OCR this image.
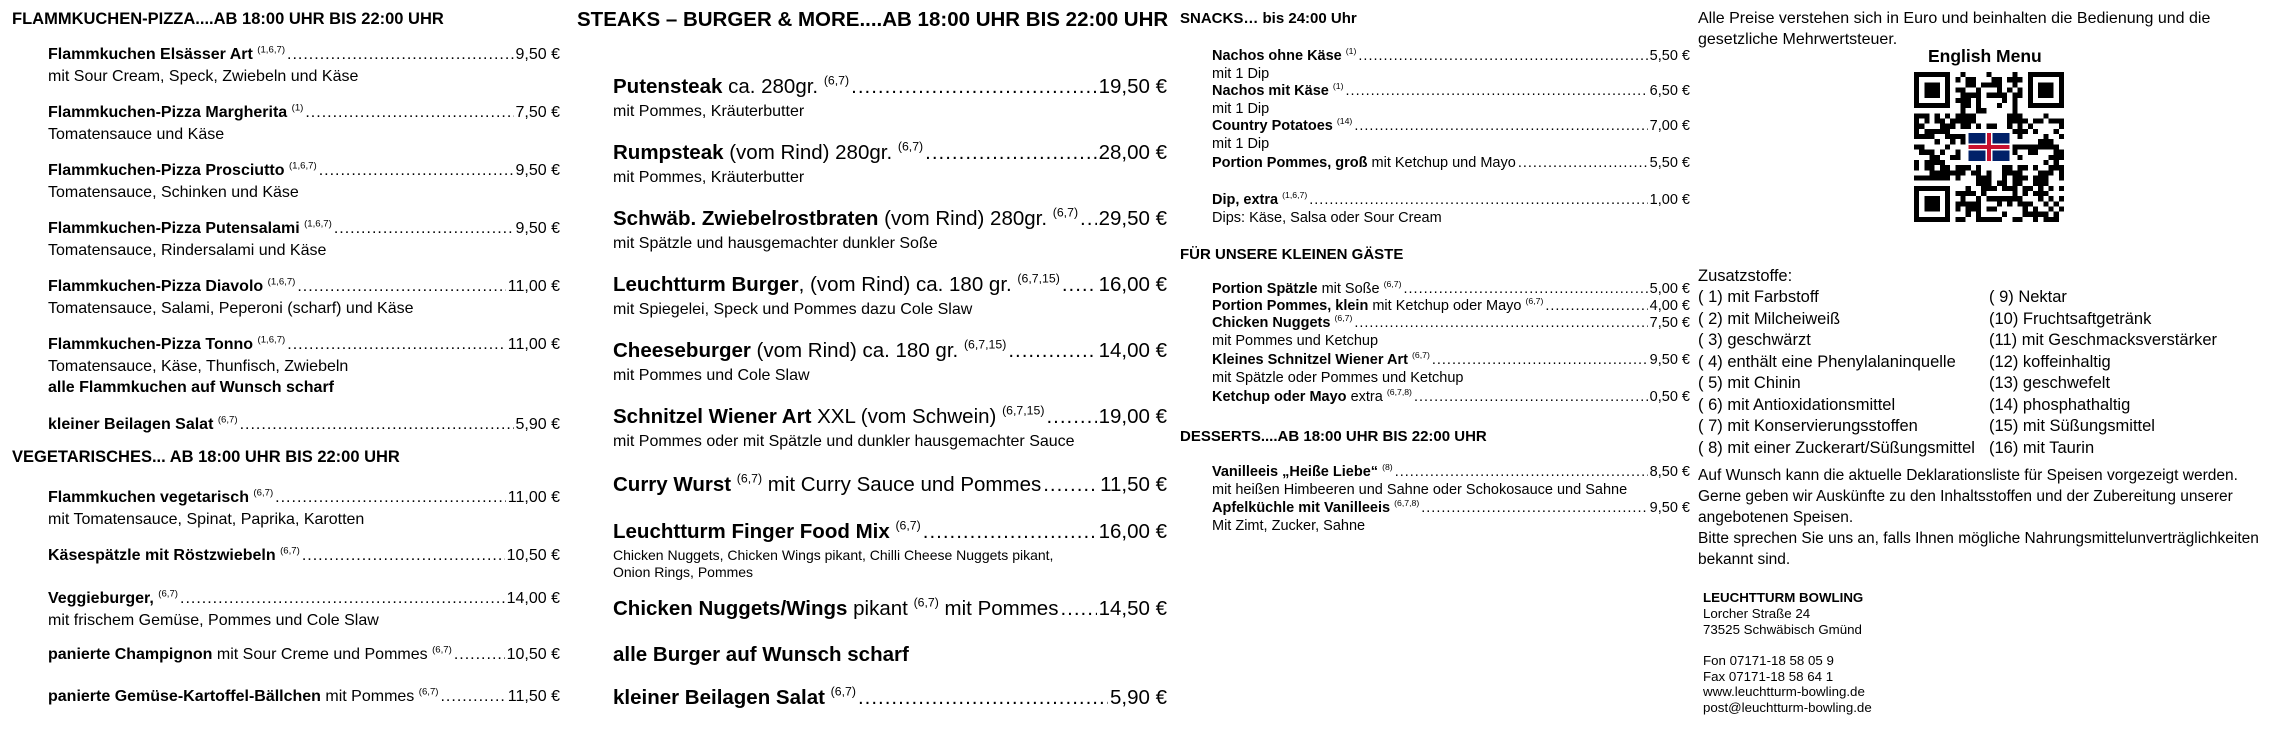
FLAMMKUCHEN-PIZZA....AB 18:00 UHR BIS 22:00 UHR
Flammkuchen Elsässer Art $^{(1,6,7)}$ .....	9,50 €
mit Sour Cream, Speck, Zwiebeln und Käse
Flammkuchen-Pizza Margherita $^{(1)}$ .....	7,50 €
Tomatensauce und Käse
Flammkuchen-Pizza Prosciutto $^{(1,6,7)}$ .....	9,50 €
Tomatensauce, Schinken und Käse
Flammkuchen-Pizza Putensalami $^{(1,6,7)}$ .....	9,50 €
Tomatensauce, Rindersalami und Käse
Flammkuchen-Pizza Diavolo $^{(1,6,7)}$ .....	11,00 €
Tomatensauce, Salami, Peperoni (scharf) und Käse
Flammkuchen-Pizza Tonno $^{(1,6,7)}$ .....	11,00 €
Tomatensauce, Käse, Thunfisch, Zwiebeln
alle Flammkuchen auf Wunsch scharf
kleiner Beilagen Salat $^{(6,7)}$ .....	5,90 €
VEGETARISCHES... AB 18:00 UHR BIS 22:00 UHR
Flammkuchen vegetarisch $^{(6,7)}$ .....	11,00 €
mit Tomatensauce, Spinat, Paprika, Karotten
Käsespätzle mit Röstzwiebeln $^{(6,7)}$ .....	10,50 €
Veggieburger, $^{(6,7)}$ .....	14,00 €
mit frischem Gemüse, Pommes und Cole Slaw
panierte Champignon mit Sour Creme und Pommes $^{(6,7)}$ .....	10,50 €
panierte Gemüse-Kartoffel-Bällchen mit Pommes $^{(6,7)}$ .....	11,50 €
STEAKS – BURGER & MORE....AB 18:00 UHR BIS 22:00 UHR
Putensteak ca. 280gr. $^{(6,7)}$ .....	19,50 €
mit Pommes, Kräuterbutter
Rumpsteak (vom Rind) 280gr. $^{(6,7)}$ .....	28,00 €
mit Pommes, Kräuterbutter
Schwäb. Zwiebelrostbraten (vom Rind) 280gr. $^{(6,7)}$ ..... 29,50 €
mit Spätzle und hausgemachter dunkler Soße
Leuchtturm Burger, (vom Rind) ca. 180 gr. $^{(6,7,15)}$ ..... 16,00 €
mit Spiegelei, Speck und Pommes dazu Cole Slaw
Cheeseburger (vom Rind) ca. 180 gr. $^{(6,7,15)}$ .....	14,00 €
mit Pommes und Cole Slaw
Schnitzel Wiener Art XXL (vom Schwein) $^{(6,7,15)}$ .....	19,00 €
mit Pommes oder mit Spätzle und dunkler hausgemachter Sauce
Curry Wurst $^{(6,7)}$ mit Curry Sauce und Pommes .....	11,50 €
Leuchtturm Finger Food Mix $^{(6,7)}$ .....	16,00 €
Chicken Nuggets, Chicken Wings pikant, Chilli Cheese Nuggets pikant,
Onion Rings, Pommes
Chicken Nuggets/Wings pikant $^{(6,7)}$ mit Pommes ..... 14,50 €
alle Burger auf Wunsch scharf
kleiner Beilagen Salat $^{(6,7)}$ .....	5,90 €
SNACKS… bis 24:00 Uhr
Nachos ohne Käse $^{(1)}$ .....	5,50 €
mit 1 Dip
Nachos mit Käse $^{(1)}$ .....	6,50 €
mit 1 Dip
Country Potatoes $^{(14)}$ .....	7,00 €
mit 1 Dip
Portion Pommes, groß mit Ketchup und Mayo .....	5,50 €
Dip, extra $^{(1,6,7)}$ .....	1,00 €
Dips: Käse, Salsa oder Sour Cream
FÜR UNSERE KLEINEN GÄSTE
Portion Spätzle mit Soße $^{(6,7)}$ .....	5,00 €
Portion Pommes, klein mit Ketchup oder Mayo $^{(6,7)}$ .....	4,00 €
Chicken Nuggets $^{(6,7)}$ .....	7,50 €
mit Pommes und Ketchup
Kleines Schnitzel Wiener Art $^{(6,7)}$ .....	9,50 €
mit Spätzle oder Pommes und Ketchup
Ketchup oder Mayo extra $^{(6,7,8)}$ .....	0,50 €
DESSERTS....AB 18:00 UHR BIS 22:00 UHR
Vanilleeis „Heiße Liebe“ $^{(8)}$ .....	8,50 €
mit heißen Himbeeren und Sahne oder Schokosauce und Sahne
Apfelküchle mit Vanilleeis $^{(6,7,8)}$ .....	9,50 €
Mit Zimt, Zucker, Sahne
Alle Preise verstehen sich in Euro und beinhalten die Bedienung und die
gesetzliche Mehrwertsteuer.
English Menu
Zusatzstoffe:
( 1) mit Farbstoff
( 2) mit Milcheiweiß
( 3) geschwärzt
( 4) enthält eine Phenylalaninquelle
( 5) mit Chinin
( 6) mit Antioxidationsmittel
( 7) mit Konservierungsstoffen
( 8) mit einer Zuckerart/Süßungsmittel
( 9) Nektar
(10) Fruchtsaftgetränk
(11) mit Geschmacksverstärker
(12) koffeinhaltig
(13) geschwefelt
(14) phosphathaltig
(15) mit Süßungsmittel
(16) mit Taurin
Auf Wunsch kann die aktuelle Deklarationsliste für Speisen vorgezeigt werden.
Gerne geben wir Auskünfte zu den Inhaltsstoffen und der Zubereitung unserer
angebotenen Speisen.
Bitte sprechen Sie uns an, falls Ihnen mögliche Nahrungsmittelunverträglichkeiten
bekannt sind.
LEUCHTTURM BOWLING
Lorcher Straße 24
73525 Schwäbisch Gmünd
Fon 07171-18 58 05 9
Fax 07171-18 58 64 1
www.leuchtturm-bowling.de
post@leuchtturm-bowling.de
